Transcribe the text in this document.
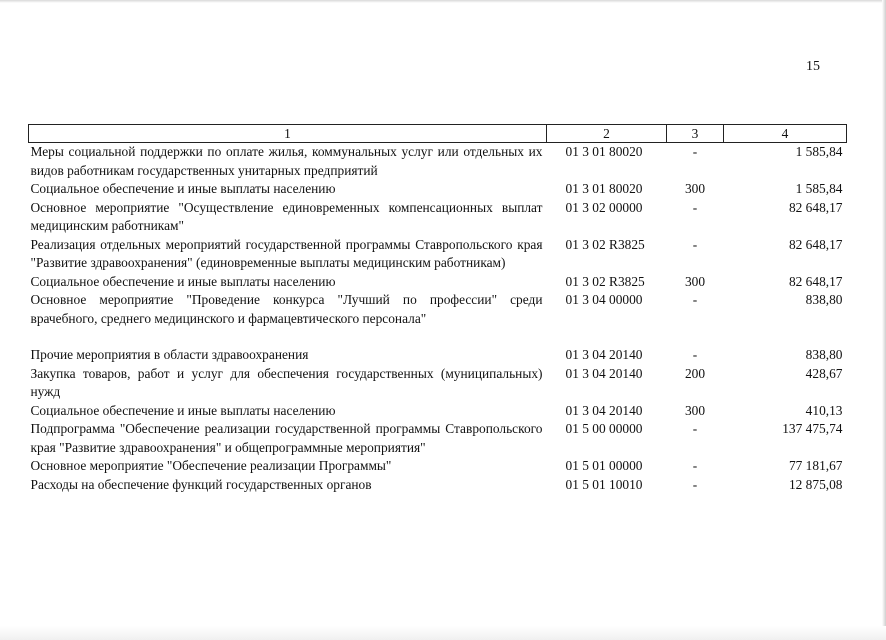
15
1	2	3	4
Меры социальной поддержки по оплате жилья, коммунальных услуг или отдельных их видов работникам государственных унитарных предприятий	01 3 01 80020	-	1 585,84
Социальное обеспечение и иные выплаты населению	01 3 01 80020	300	1 585,84
Основное мероприятие "Осуществление единовременных компенсационных выплат медицинским работникам"	01 3 02 00000	-	82 648,17
Реализация отдельных мероприятий государственной программы Ставропольского края "Развитие здравоохранения" (единовременные выплаты медицинским работникам)	01 3 02 R3825	-	82 648,17
Социальное обеспечение и иные выплаты населению	01 3 02 R3825	300	82 648,17
Основное мероприятие "Проведение конкурса "Лучший по профессии" среди врачебного, среднего медицинского и фармацевтического персонала"	01 3 04 00000	-	838,80

Прочие мероприятия в области здравоохранения	01 3 04 20140	-	838,80
Закупка товаров, работ и услуг для обеспечения государственных (муниципальных) нужд	01 3 04 20140	200	428,67
Социальное обеспечение и иные выплаты населению	01 3 04 20140	300	410,13
Подпрограмма "Обеспечение реализации государственной программы Ставропольского края "Развитие здравоохранения" и общепрограммные мероприятия"	01 5 00 00000	-	137 475,74
Основное мероприятие "Обеспечение реализации Программы"	01 5 01 00000	-	77 181,67
Расходы на обеспечение функций государственных органов	01 5 01 10010	-	12 875,08
